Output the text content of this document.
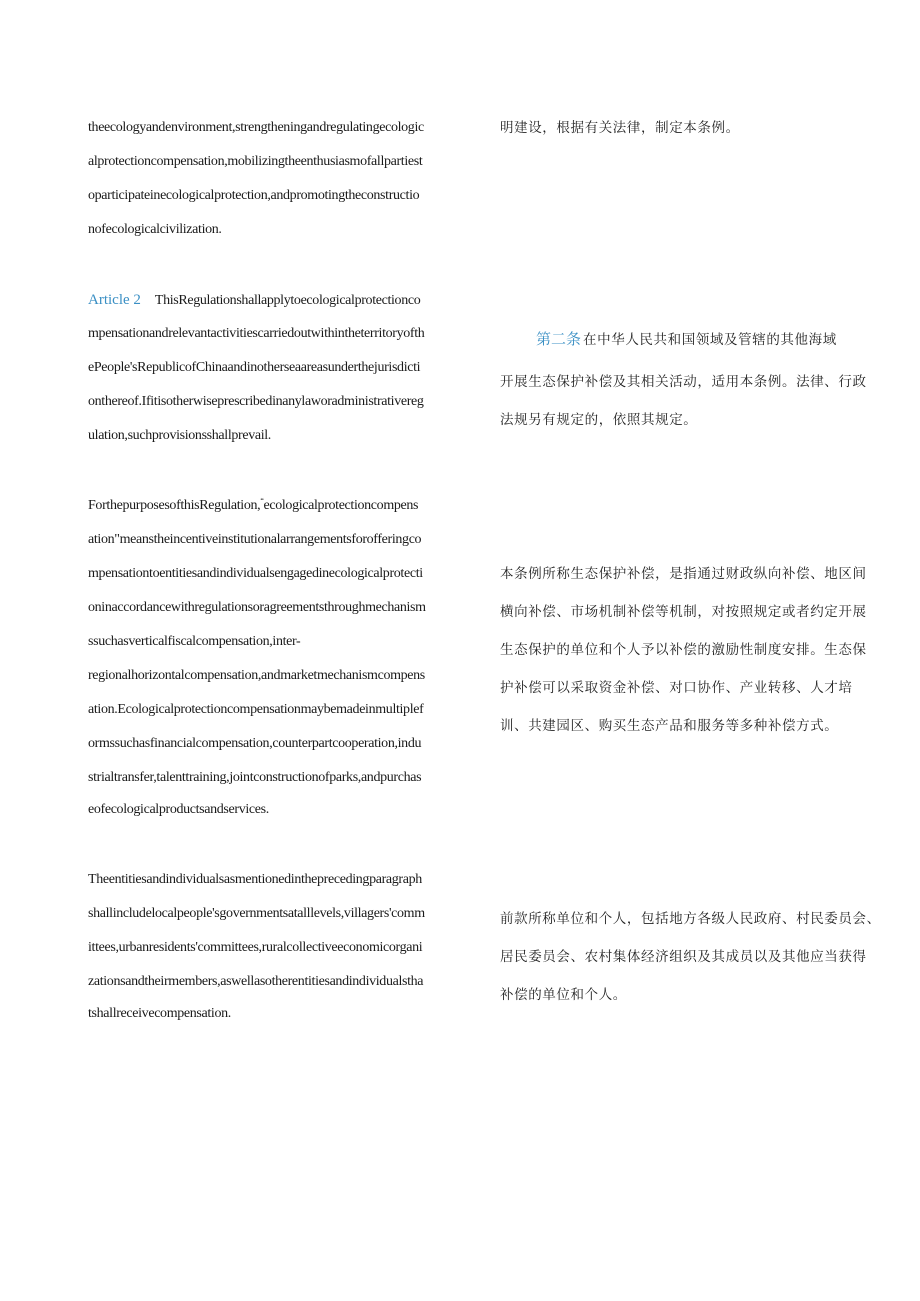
theecologyandenvironment,strengtheningandregulatingecologic
alprotectioncompensation,mobilizingtheenthusiasmofallpartiest
oparticipateinecologicalprotection,andpromotingtheconstructio
nofecologicalcivilization.
Article 2 ThisRegulationshallapplytoecologicalprotectionco
mpensationandrelevantactivitiescarriedoutwithintheterritoryofth
ePeople'sRepublicofChinaandinotherseaareasunderthejurisdicti
onthereof.Ifitisotherwiseprescribedinanylaworadministrativereg
ulation,suchprovisionsshallprevail.
ForthepurposesofthisRegulation,“ecologicalprotectioncompens
ation"meanstheincentiveinstitutionalarrangementsforofferingco
mpensationtoentitiesandindividualsengagedinecologicalprotecti
oninaccordancewithregulationsoragreementsthroughmechanism
ssuchasverticalfiscalcompensation,inter-
regionalhorizontalcompensation,andmarketmechanismcompens
ation.Ecologicalprotectioncompensationmaybemadeinmultiplef
ormssuchasfinancialcompensation,counterpartcooperation,indu
strialtransfer,talenttraining,jointconstructionofparks,andpurchas
eofecologicalproductsandservices.
Theentitiesandindividualsasmentionedintheprecedingparagraph
shallincludelocalpeople'sgovernmentsatalllevels,villagers'comm
ittees,urbanresidents'committees,ruralcollectiveeconomicorgani
zationsandtheirmembers,aswellasotherentitiesandindividualstha
tshallreceivecompensation.
明建设，根据有关法律，制定本条例。
第二条 在中华人民共和国领域及管辖的其他海域
开展生态保护补偿及其相关活动，适用本条例。法律、行政
法规另有规定的，依照其规定。
本条例所称生态保护补偿，是指通过财政纵向补偿、地区间
横向补偿、市场机制补偿等机制，对按照规定或者约定开展
生态保护的单位和个人予以补偿的激励性制度安排。生态保
护补偿可以采取资金补偿、对口协作、产业转移、人才培
训、共建园区、购买生态产品和服务等多种补偿方式。
前款所称单位和个人，包括地方各级人民政府、村民委员会、
居民委员会、农村集体经济组织及其成员以及其他应当获得
补偿的单位和个人。
